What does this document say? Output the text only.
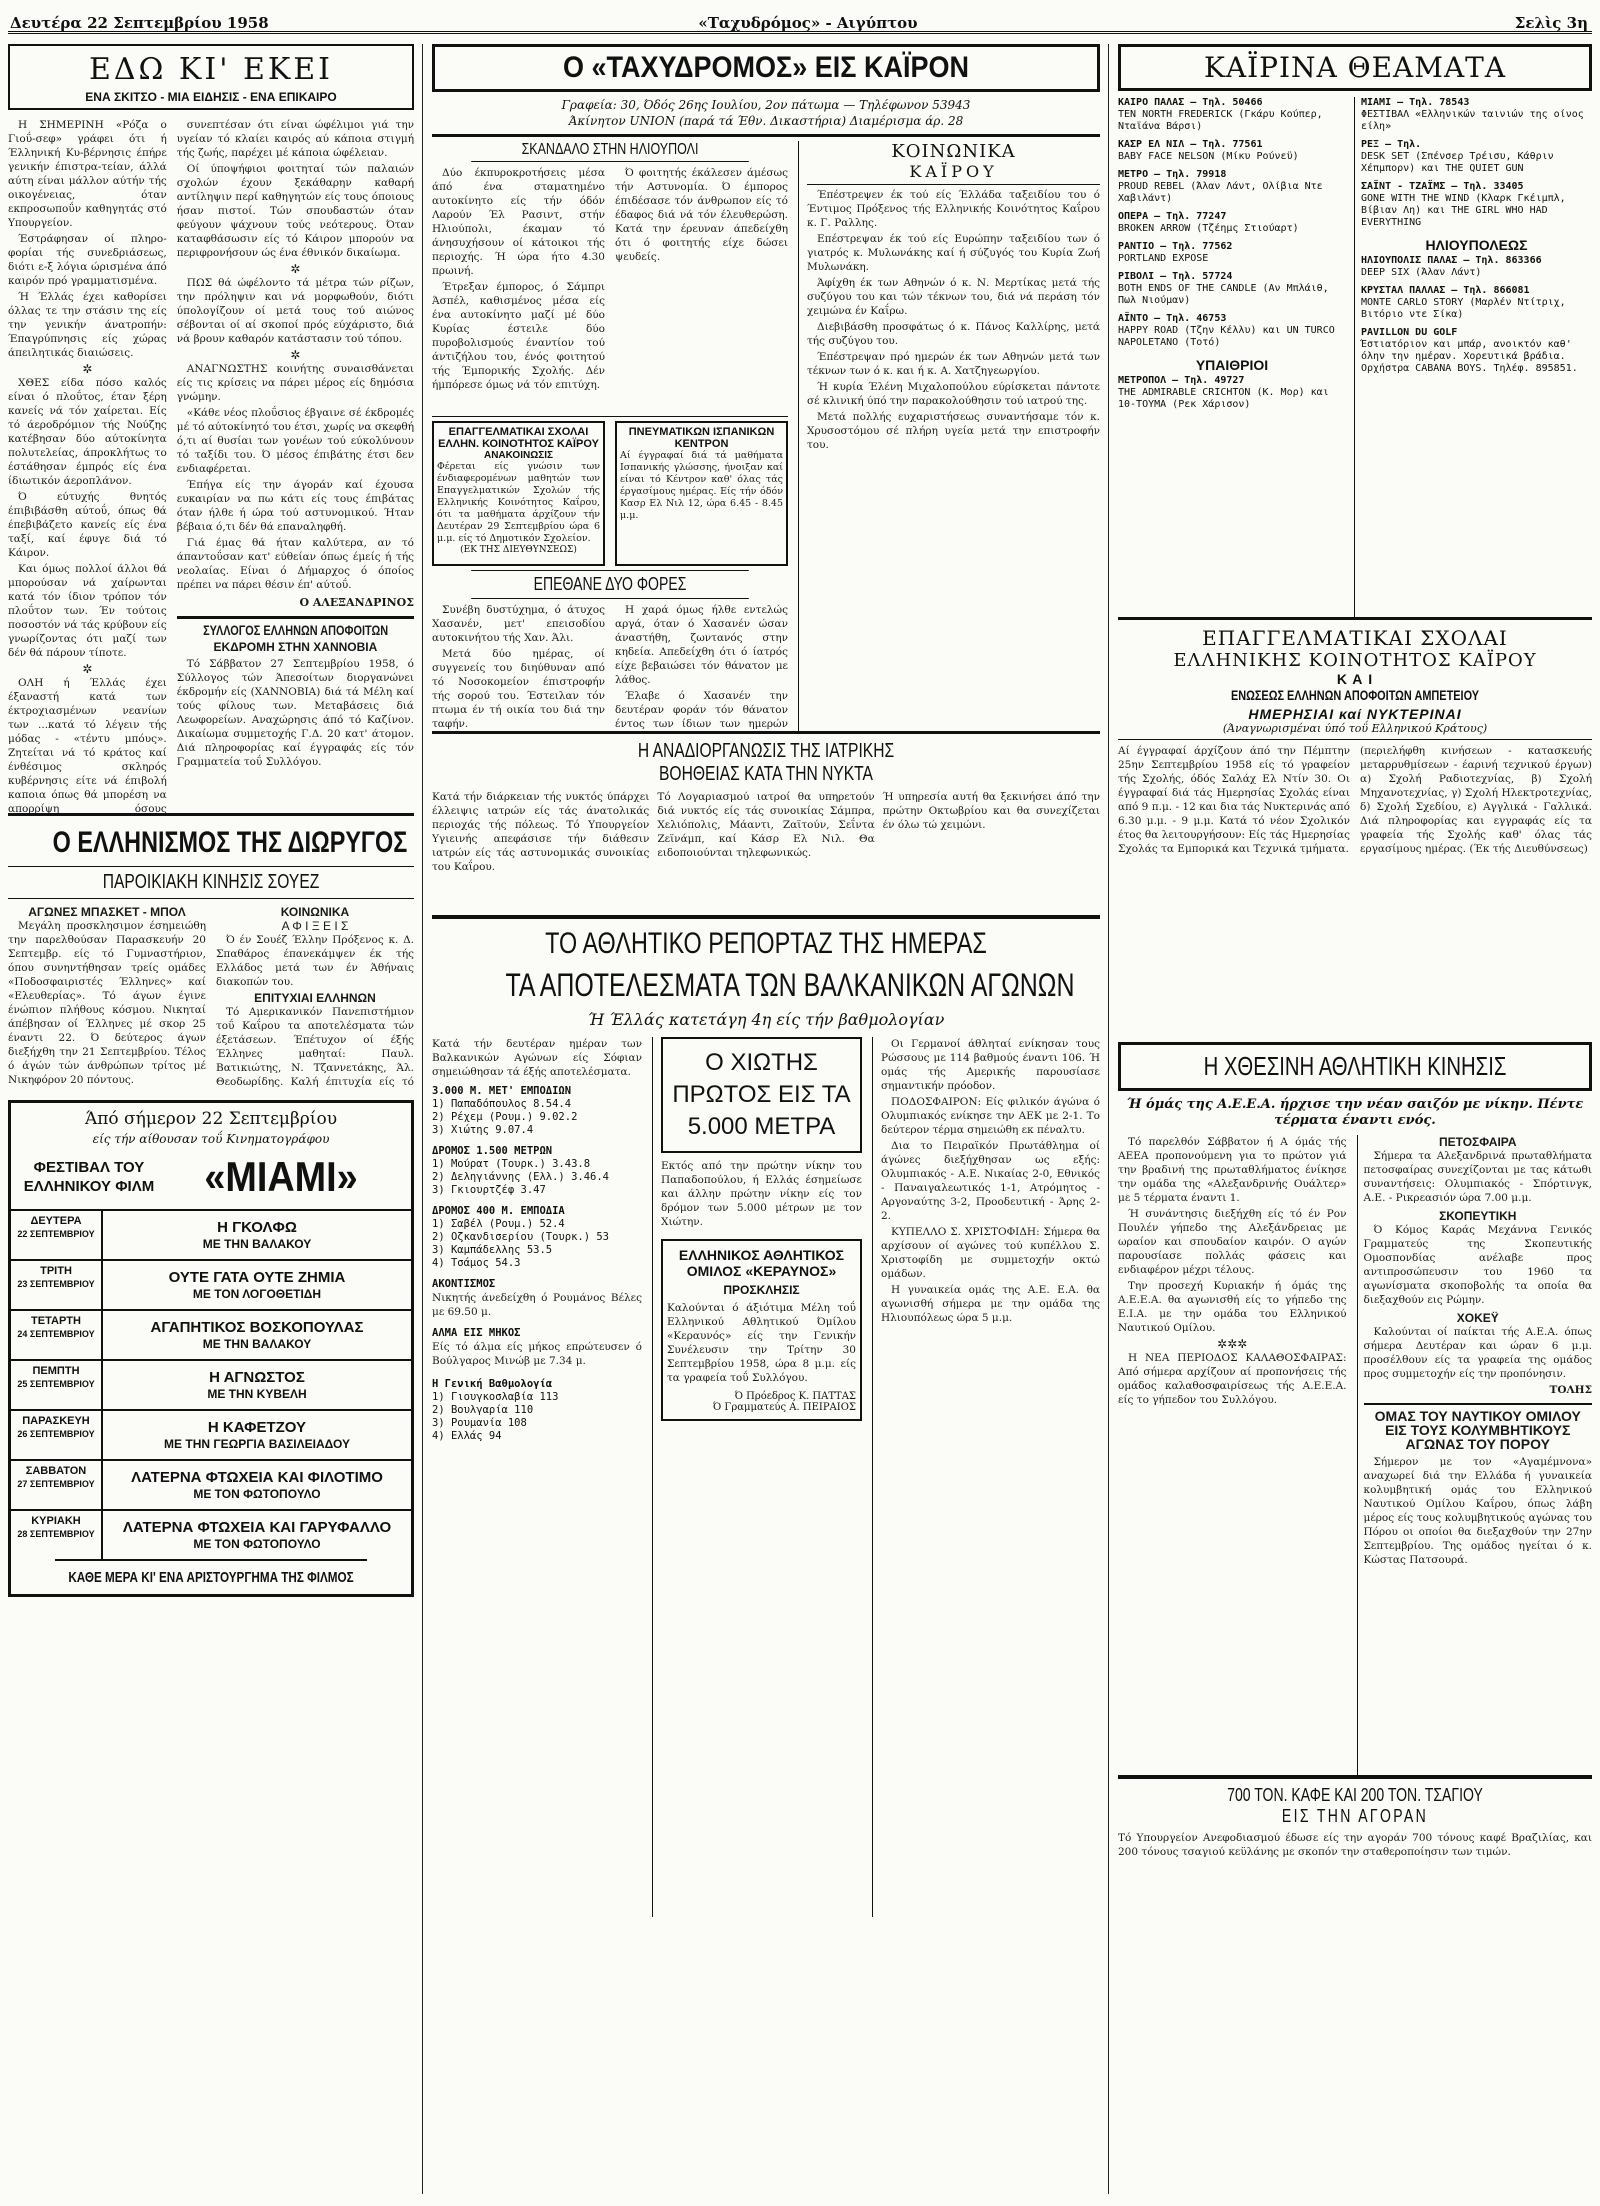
Δευτέρα 22 Σεπτεμβρίου 1958	«Ταχυδρόμος» - Αιγύπτου	Σελὶς 3η
ΕΔΩ ΚΙ' ΕΚΕΙ
ΕΝΑ ΣΚΙΤΣΟ - ΜΙΑ ΕΙΔΗΣΙΣ - ΕΝΑ ΕΠΙΚΑΙΡΟ

Η ΣΗΜΕΡΙΝΗ «Ρόζα ο Γιοΰ-σεφ» γράφει ότι ή Έλληνική Κυ-βέρνησις έπήρε γενικήν έπιστρα-τείαν, άλλά αύτη είναι μάλλον αύτήν τής οικογένειας, όταν εκπροσωποΰν καθηγητάς στό Υπουργείον.

Έστράφησαν οί πληρο-φορίαι τής συνεδριάσεως, διότι ε-ξ λόγια ώρισμένα άπό καιρόν πρό γραμματισμένα.

Ή Έλλάς έχει καθορίσει όλλας τε την στάσιν της είς την γενικήν άνατροπήν: Έπαγρύπνησις είς χώρας άπειλητικάς διαιώσεις.

✲

ΧΘΕΣ είδα πόσο καλός είναι ό πλοΰτος, έταν ξέρη κανείς νά τόν χαίρεται. Είς τό άεροδρόμιον τής Νούζης κατέβησαν δύο αύτοκίνητα πολυτελείας, άπροκλήτως το έστάθησαν έμπρός είς ένα ίδιωτικόν άεροπλάνον.

Ό εύτυχής θνητός έπιβιβάσθη αύτοΰ, όπως θά έπεβιβάζετο κανείς είς ένα ταξί, καί έφυγε διά τό Κάιρον.

Και όμως πολλοί άλλοι θά μπορούσαν νά χαίρωνται κατά τόν ίδιον τρόπον τόν πλοΰτον των. Έν τούτοις ποσοστόν νά τάς κρύβουν είς γνωρίζοντας ότι μαζί των δέν θά πάρουν τίποτε.

✲

ΟΛΗ ή Έλλάς έχει έξαναστή κατά των έκτροχιασμένων νεανίων των ...κατά τό λέγειν τής μόδας - «τέντυ μπόυς». Ζητείται νά τό κράτος καί ένθέσιμος σκληρός κυβέρνησις είτε νά έπιβολή καποια όπως θά μπορέση να απορρίψη όσους

συνεπτέσαν ότι είναι ώφέλιμοι γιά την υγείαν τό κλαίει καιρός αύ κάποια στιγμή τής ζωής, παρέχει μέ κάποια ώφέλειαν.

Οί ύποψήφιοι φοιτηταί τών παλαιών σχολών έχουν ξεκάθαρην καθαρή αντίληψιν περί καθηγητών είς τους όποιους ήσαν πιστοί. Τών σπουδαστών όταν φεύγουν ψάχνουν τούς νεότερους. Όταν καταφθάσωσιν είς τό Κάιρον μπορούν να περιφρονήσουν ώς ένα έθνικόν δικαίωμα.

✲

ΠΩΣ θά ώφέλοντο τά μέτρα τών ρίζων, την πρόληψιν και νά μορφωθούν, διότι ύπολογίζουν οί μετά τους τού αιώνος σέβονται οί αί σκοποί πρός εύχάριστο, διά νά βρουν καθαρόν κατάστασιν τού τόπου.

✲

ΑΝΑΓΝΩΣΤΗΣ κοινήτης συναισθάνεται είς τις κρίσεις να πάρει μέρος είς δημόσια γνώμην.

«Κάθε νέος πλοΰσιος έβγαινε σέ έκδρομές μέ τό αύτοκίνητό του έτσι, χωρίς να σκεφθή ό,τι αί θυσίαι των γονέων τού εύκολύνουν τό ταξίδι του. Ό μέσος έπιβάτης έτσι δεν ενδιαφέρεται.

Έπήγα είς την άγοράν καί έχουσα ευκαιρίαν να πω κάτι είς τους έπιβάτας όταν ήλθε ή ώρα τού αστυνομικού. Ήταν βέβαια ό,τι δέν θά επαναληφθή.

Γιά έμας θά ήταν καλύτερα, αν τό άπαντοΰσαν κατ' εύθείαν όπως έμείς ή τής νεολαίας. Είναι ό Δήμαρχος ό όποίος πρέπει να πάρει θέσιν έπ' αύτοΰ.

Ο ΑΛΕΞΑΝΔΡΙΝΟΣ
ΣΥΛΛΟΓΟΣ ΕΛΛΗΝΩΝ ΑΠΟΦΟΙΤΩΝ
ΕΚΔΡΟΜΗ ΣΤΗΝ ΧΑΝΝΟΒΙΑ

Τό Σάββατον 27 Σεπτεμβρίου 1958, ό Σύλλογος τών Άπεσοίτων διοργανώνει έκδρομήν είς (ΧΑΝΝΟΒΙΑ) διά τά Μέλη καί τούς φίλους των. Μεταβάσεις διά Λεωφορείων. Αναχώρησις άπό τό Καζίνον. Δικαίωμα συμμετοχής Γ.Δ. 20 κατ' άτομον. Διά πληροφορίας καί έγγραφάς είς τόν Γραμματεία τοΰ Συλλόγου.

Ο ΕΛΛΗΝΙΣΜΟΣ ΤΗΣ ΔΙΩΡΥΓΟΣ
ΠΑΡΟΙΚΙΑΚΗ ΚΙΝΗΣΙΣ ΣΟΥΕΖ
ΑΓΩΝΕΣ ΜΠΑΣΚΕΤ - ΜΠΟΛ

Μεγάλη προσκλησιμον έσημειώθη την παρελθούσαν Παρασκευήν 20 Σεπτεμβρ. είς τό Γυμναστήριον, όπου συνηντήθησαν τρείς ομάδες «Ποδοσφαιριστές Έλληνες» καί «Ελευθερίας». Τό άγων έγινε ένώπιον πλήθους κόσμου. Νικηταί άπέβησαν οί Έλληνες μέ σκορ 25 έναντι 22. Ό δεύτερος άγων διεξήχθη την 21 Σεπτεμβρίου. Τέλος ό άγών τών άνθρώπων τρίτος μέ Νικηφόρον 20 πόντους.

ΚΟΙΝΩΝΙΚΑ
Α Φ Ι Ξ Ε Ι Σ

Ό έν Σουέζ Έλλην Πρόξενος κ. Δ. Σπαθάρος έπανεκάμψεν έκ τής Ελλάδος μετά των έν Άθήναις διακοπών του.

ΕΠΙΤΥΧΙΑΙ ΕΛΛΗΝΩΝ

Τό Αμερικανικόν Πανεπιστήμιον τοΰ Καΐρου τα αποτελέσματα τών έξετάσεων. Έπέτυχον οί έξής Έλληνες μαθηταί: Παυλ. Βατικιώτης, Ν. Τζαννετάκης, Άλ. Θεοδωρίδης. Καλή έπιτυχία είς τό

Άπό σήμερον 22 Σεπτεμβρίου
είς τήν αίθουσαν τοΰ Κινηματογράφου
ΦΕΣΤΙΒΑΛ ΤΟΥ ΕΛΛΗΝΙΚΟΥ ΦΙΛΜ	«ΜΙΑΜΙ»
ΔΕΥΤΕΡΑ
22 ΣΕΠΤΕΜΒΡΙΟΥ	Η ΓΚΟΛΦΩ
ΜΕ ΤΗΝ ΒΑΛΑΚΟΥ
ΤΡΙΤΗ
23 ΣΕΠΤΕΜΒΡΙΟΥ	ΟΥΤΕ ΓΑΤΑ ΟΥΤΕ ΖΗΜΙΑ
ΜΕ ΤΟΝ ΛΟΓΟΘΕΤΙΔΗ
ΤΕΤΑΡΤΗ
24 ΣΕΠΤΕΜΒΡΙΟΥ	ΑΓΑΠΗΤΙΚΟΣ ΒΟΣΚΟΠΟΥΛΑΣ
ΜΕ ΤΗΝ ΒΑΛΑΚΟΥ
ΠΕΜΠΤΗ
25 ΣΕΠΤΕΜΒΡΙΟΥ	Η ΑΓΝΩΣΤΟΣ
ΜΕ ΤΗΝ ΚΥΒΕΛΗ
ΠΑΡΑΣΚΕΥΗ
26 ΣΕΠΤΕΜΒΡΙΟΥ	Η ΚΑΦΕΤΖΟΥ
ΜΕ ΤΗΝ ΓΕΩΡΓΙΑ ΒΑΣΙΛΕΙΑΔΟΥ
ΣΑΒΒΑΤΟΝ
27 ΣΕΠΤΕΜΒΡΙΟΥ	ΛΑΤΕΡΝΑ ΦΤΩΧΕΙΑ ΚΑΙ ΦΙΛΟΤΙΜΟ
ΜΕ ΤΟΝ ΦΩΤΟΠΟΥΛΟ
ΚΥΡΙΑΚΗ
28 ΣΕΠΤΕΜΒΡΙΟΥ	ΛΑΤΕΡΝΑ ΦΤΩΧΕΙΑ ΚΑΙ ΓΑΡΥΦΑΛΛΟ
ΜΕ ΤΟΝ ΦΩΤΟΠΟΥΛΟ
ΚΑΘΕ ΜΕΡΑ ΚΙ' ΕΝΑ ΑΡΙΣΤΟΥΡΓΗΜΑ ΤΗΣ ΦΙΛΜΟΣ
Ο «ΤΑΧΥΔΡΟΜΟΣ» ΕΙΣ ΚΑΪΡΟΝ
Γραφεία: 30, Όδός 26ης Ιουλίου, 2ον πάτωμα — Τηλέφωνον 53943
Άκίνητον UNION (παρά τά Έθν. Δικαστήρια) Διαμέρισμα άρ. 28
ΣΚΑΝΔΑΛΟ ΣΤΗΝ ΗΛΙΟΥΠΟΛΙ

Δύο έκπυροκροτήσεις μέσα άπό ένα σταματημένο αυτοκίνητο είς τήν όδόν Λαρούν Έλ Ρασιντ, στήν Ηλιούπολι, έκαμαν τό άνησυχήσουν οί κάτοικοι τής περιοχής. Ή ώρα ήτο 4.30 πρωινή.

Έτρεξαν έμπορος, ό Σάμπρι Άσπέλ, καθισμένος μέσα είς ένα αυτοκίνητο μαζί μέ δύο Κυρίας έστειλε δύο πυροβολισμούς έναντίον τού άντιζήλου του, ένός φοιτητού τής Έμπορικής Σχολής. Δέν ήμπόρεσε όμως νά τόν επιτύχη.

Ό φοιτητής έκάλεσεν άμέσως τήν Αστυνομία. Ό έμπορος έπιδέσασε τόν άνθρωπον είς τό έδαφος διά νά τόν έλευθερώση. Κατά την έρευναν άπεδείχθη ότι ό φοιτητής είχε δώσει ψευδείς.

ΕΠΑΓΓΕΛΜΑΤΙΚΑΙ ΣΧΟΛΑΙ ΕΛΛΗΝ. ΚΟΙΝΟΤΗΤΟΣ ΚΑΪΡΟΥ
ΑΝΑΚΟΙΝΩΣΙΣ

Φέρεται είς γνώσιν των ένδιαφερομένων μαθητών των Επαγγελματικών Σχολών τής Ελληνικής Κοινότητος Καΐρου, ότι τα μαθήματα άρχίζουν τήν Δευτέραν 29 Σεπτεμβρίου ώρα 6 μ.μ. είς τό Δημοτικόν Σχολείον.

(ΕΚ ΤΗΣ ΔΙΕΥΘΥΝΣΕΩΣ)
ΠΝΕΥΜΑΤΙΚΩΝ ΙΣΠΑΝΙΚΩΝ ΚΕΝΤΡΟΝ

Αί έγγραφαί διά τά μαθήματα Ισπανικής γλώσσης, ήνοιξαν καί είναι τό Κέντρον καθ' όλας τάς έργασίμους ημέρας. Είς τήν όδόν Κασρ Ελ Νιλ 12, ώρα 6.45 - 8.45 μ.μ.

ΕΠΕΘΑΝΕ ΔΥΟ ΦΟΡΕΣ

Συνέβη δυστύχημα, ό άτυχος Χασανέν, μετ' επεισοδίου αυτοκινήτου τής Χαν. Άλι.

Μετά δύο ημέρας, οί συγγενείς του διηύθυναν από τό Νοσοκομείον έπιστροφήν τής σορού του. Έστειλαν τόν πτωμα έν τή οικία του διά την ταφήν.

Η χαρά όμως ήλθε εντελώς αργά, όταν ό Χασανέν ώσαν άναστήθη, ζωντανός στην κηδεία. Απεδείχθη ότι ό ίατρός είχε βεβαιώσει τόν θάνατον με λάθος.

Έλαβε ό Χασανέν την δευτέραν φοράν τόν θάνατον έντος των ίδιων των ημερών

ΚΟΙΝΩΝΙΚΑ
ΚΑΪΡΟΥ

Έπέστρεψεν έκ τού είς Έλλάδα ταξειδίου του ό Έντιμος Πρόξενος τής Ελληνικής Κοινότητος Καΐρου κ. Γ. Ραλλης.

Επέστρεψαν έκ τού είς Ευρώπην ταξειδίου των ό γιατρός κ. Μυλωνάκης καί ή σύζυγός του Κυρία Ζωή Μυλωνάκη.

Άφίχθη έκ των Αθηνών ό κ. Ν. Μερτίκας μετά τής συζύγου του και τών τέκνων του, διά νά περάση τόν χειμώνα έν Καΐρω.

Διεβιβάσθη προσφάτως ό κ. Πάνος Καλλίρης, μετά τής συζύγου του.

Έπέστρεψαν πρό ημερών έκ των Αθηνών μετά των τέκνων των ό κ. και ή κ. Α. Χατζηγεωργίου.

Ή κυρία Έλένη Μιχαλοπούλου εύρίσκεται πάντοτε σέ κλινική ύπό την παρακολούθησιν τού ιατρού της.

Μετά πολλής ευχαριστήσεως συναντήσαμε τόν κ. Χρυσοστόμου σέ πλήρη υγεία μετά την επιστροφήν του.

Η ΑΝΑΔΙΟΡΓΑΝΩΣΙΣ ΤΗΣ ΙΑΤΡΙΚΗΣ
ΒΟΗΘΕΙΑΣ ΚΑΤΑ ΤΗΝ ΝΥΚΤΑ
Κατά τήν διάρκειαν τής νυκτός ύπάρχει έλλειψις ιατρών είς τάς άνατολικάς περιοχάς τής πόλεως. Τό Υπουργείον Υγιεινής απεφάσισε τήν διάθεσιν ιατρών είς τάς αστυνομικάς συνοικίας του Καΐρου.
Τό Λογαριασμού ιατροί θα υπηρετούν διά νυκτός είς τάς συνοικίας Σάμπρα, Χελιόπολις, Μάαντι, Ζαϊτούν, Σεΐντα Ζεϊνάμπ, καί Κάσρ Ελ Νιλ. Θα ειδοποιούνται τηλεφωνικώς.
Ή υπηρεσία αυτή θα ξεκινήσει άπό την πρώτην Οκτωβρίου και θα συνεχίζεται έν όλω τώ χειμώνι.
ΤΟ ΑΘΛΗΤΙΚΟ ΡΕΠΟΡΤΑΖ ΤΗΣ ΗΜΕΡΑΣ
ΤΑ ΑΠΟΤΕΛΕΣΜΑΤΑ ΤΩΝ ΒΑΛΚΑΝΙΚΩΝ ΑΓΩΝΩΝ
Ή Έλλάς κατετάγη 4η είς τήν βαθμολογίαν

Κατά τήν δευτέραν ημέραν των Βαλκανικών Αγώνων είς Σόφιαν σημειώθησαν τά έξής αποτελέσματα.

3.000 Μ. ΜΕΤ' ΕΜΠΟΔΙΩΝ
1) Παπαδόπουλος 8.54.4
2) Ρέχεμ (Ρουμ.) 9.02.2
3) Χιώτης 9.07.4
ΔΡΟΜΟΣ 1.500 ΜΕΤΡΩΝ
1) Μούρατ (Τουρκ.) 3.43.8
2) Δεληγιάννης (Ελλ.) 3.46.4
3) Γκιουρτζέφ 3.47
ΔΡΟΜΟΣ 400 Μ. ΕΜΠΟΔΙΑ
1) Σαβέλ (Ρουμ.) 52.4
2) Οζκανδισερίου (Τουρκ.) 53
3) Καμπάδελλης 53.5
4) Τσάμος 54.3
ΑΚΟΝΤΙΣΜΟΣ
Νικητής άνεδείχθη ό Ρουμάνος Βέλες με 69.50 μ.
ΑΛΜΑ ΕΙΣ ΜΗΚΟΣ
Είς τό άλμα είς μήκος επρώτευσεν ό Βούλγαρος Μινώβ με 7.34 μ.
Η Γενική Βαθμολογία
1) Γιουγκοσλαβία 113
2) Βουλγαρία 110
3) Ρουμανία 108
4) Ελλάς 94
Ο ΧΙΩΤΗΣ ΠΡΩΤΟΣ ΕΙΣ ΤΑ 5.000 ΜΕΤΡΑ

Εκτός από την πρώτην νίκην του Παπαδοπούλου, ή Ελλάς έσημείωσε και άλλην πρώτην νίκην είς τον δρόμον των 5.000 μέτρων με τον Χιώτην.

ΕΛΛΗΝΙΚΟΣ ΑΘΛΗΤΙΚΟΣ ΟΜΙΛΟΣ «ΚΕΡΑΥΝΟΣ»
ΠΡΟΣΚΛΗΣΙΣ

Καλούνται ό άξιότιμα Μέλη τοΰ Ελληνικού Αθλητικού Όμίλου «Κεραυνός» είς την Γενικήν Συνέλευσιν την Τρίτην 30 Σεπτεμβρίου 1958, ώρα 8 μ.μ. είς τα γραφεία τοΰ Συλλόγου.

Ό Πρόεδρος Κ. ΠΑΤΤΑΣ
Ό Γραμματεύς Α. ΠΕΙΡΑΙΟΣ

Οι Γερμανοί άθληταί ενίκησαν τους Ρώσσους με 114 βαθμούς έναντι 106. Ή ομάς τής Αμερικής παρουσίασε σημαντικήν πρόοδον.

ΠΟΔΟΣΦΑΙΡΟΝ: Είς φιλικόν άγώνα ό Ολυμπιακός ενίκησε την ΑΕΚ με 2-1. Το δεύτερον τέρμα σημειώθη εκ πέναλτυ.

Δια το Πειραϊκόν Πρωτάθλημα οί άγώνες διεξήχθησαν ως εξής: Ολυμπιακός - Α.Ε. Νικαίας 2-0, Εθνικός - Παναιγαλεωτικός 1-1, Ατρόμητος - Αργοναύτης 3-2, Προοδευτική - Άρης 2-2.

ΚΥΠΕΛΛΟ Σ. ΧΡΙΣΤΟΦΙΔΗ: Σήμερα θα αρχίσουν οί αγώνες τού κυπέλλου Σ. Χριστοφίδη με συμμετοχήν οκτώ ομάδων.

Η γυναικεία ομάς της Α.Ε. Ε.Α. θα αγωνισθή σήμερα με την ομάδα της Ηλιουπόλεως ώρα 5 μ.μ.

ΚΑΪΡΙΝΑ ΘΕΑΜΑΤΑ
ΚΑΪΡΟ ΠΑΛΑΣ — Τηλ. 50466
TEN NORTH FREDERICK (Γκάρυ Κούπερ, Νταϊάνα Βάρσι)
ΚΑΣΡ ΕΛ ΝΙΛ — Τηλ. 77561
BABY FACE NELSON (Μίκυ Ρούνεϋ)
ΜΕΤΡΟ — Τηλ. 79918
PROUD REBEL (Άλαν Λάντ, Ολίβια Ντε Χαβιλάντ)
ΟΠΕΡΑ — Τηλ. 77247
BROKEN ARROW (Τζέημς Στιούαρτ)
ΡΑΝΤΙΟ — Τηλ. 77562
PORTLAND EXPOSE
ΡΙΒΟΛΙ — Τηλ. 57724
BOTH ENDS OF THE CANDLE (Αν Μπλάιθ, Πωλ Νιούμαν)
ΑΪΝΤΟ — Τηλ. 46753
HAPPY ROAD (Τζην Κέλλυ) και UN TURCO NAPOLETANO (Τοτό)
ΥΠΑΙΘΡΙΟΙ
ΜΕΤΡΟΠΟΛ — Τηλ. 49727
THE ADMIRABLE CRICHTON (Κ. Μορ) και 10-ΤΟΥΜΑ (Ρεκ Χάρισον)
ΜΙΑΜΙ — Τηλ. 78543
ΦΕΣΤΙΒΑΛ «Ελληνικών ταινιών της οίνος είλη»
ΡΕΞ — Τηλ.
DESK SET (Σπένσερ Τρέισυ, Κάθριν Χέπμπορν) και THE QUIET GUN
ΣΑΪΝΤ - ΤΖΑΪΜΣ — Τηλ. 33405
GONE WITH THE WIND (Κλαρκ Γκέιμπλ, Βίβιαν Λη) και THE GIRL WHO HAD EVERYTHING
ΗΛΙΟΥΠΟΛΕΩΣ
ΗΛΙΟΥΠΟΛΙΣ ΠΑΛΑΣ — Τηλ. 863366
DEEP SIX (Άλαν Λάντ)
ΚΡΥΣΤΑΛ ΠΑΛΛΑΣ — Τηλ. 866081
MONTE CARLO STORY (Μαρλέν Ντίτριχ, Βιτόριο ντε Σίκα)
PAVILLON DU GOLF
Έστιατόριον και μπάρ, ανοικτόν καθ' όλην την ημέραν. Χορευτικά βράδια. Ορχήστρα CABANA BOYS. Τηλέφ. 895851.
ΕΠΑΓΓΕΛΜΑΤΙΚΑΙ ΣΧΟΛΑΙ
ΕΛΛΗΝΙΚΗΣ ΚΟΙΝΟΤΗΤΟΣ ΚΑΪΡΟΥ
Κ Α Ι
ΕΝΩΣΕΩΣ ΕΛΛΗΝΩΝ ΑΠΟΦΟΙΤΩΝ ΑΜΠΕΤΕΙΟΥ
ΗΜΕΡΗΣΙΑΙ καί ΝΥΚΤΕΡΙΝΑΙ
(Άναγνωρισμέναι ύπό τοΰ Ελληνικού Κράτους)
Αί έγγραφαί άρχίζουν άπό την Πέμπτην 25ην Σεπτεμβρίου 1958 είς τό γραφείον τής Σχολής, όδός Σαλάχ Ελ Ντίν 30. Οι έγγραφαί διά τάς Ημερησίας Σχολάς είναι από 9 π.μ. - 12 και δια τάς Νυκτερινάς από 6.30 μ.μ. - 9 μ.μ. Κατά τό νέον Σχολικόν έτος θα λειτουργήσουν: Είς τάς Ημερησίας Σχολάς τα Εμπορικά και Τεχνικά τμήματα.
(περιελήφθη κινήσεων - κατασκευής μεταρρυθμίσεων - έαρινή τεχνικού έργων) α) Σχολή Ραδιοτεχνίας, β) Σχολή Μηχανοτεχνίας, γ) Σχολή Ηλεκτροτεχνίας, δ) Σχολή Σχεδίου, ε) Αγγλικά - Γαλλικά. Διά πληροφορίας και εγγραφάς είς τα γραφεία τής Σχολής καθ' όλας τάς εργασίμους ημέρας. (Έκ τής Διευθύνσεως)
Η ΧΘΕΣΙΝΗ ΑΘΛΗΤΙΚΗ ΚΙΝΗΣΙΣ
Ή όμάς της Α.Ε.Ε.Α. ήρχισε την νέαν σαιζόν με νίκην. Πέντε τέρματα έναντι ενός.

Τό παρελθόν Σάββατον ή Α όμάς τής ΑΕΕΑ προπονούμενη για το πρώτον γιά την βραδινή της πρωταθλήματος ένίκησε την ομάδα της «Αλεξανδρινής Ουάλτερ» με 5 τέρματα έναντι 1.

Ή συνάντησις διεξήχθη είς τό έν Ρον Πουλέν γήπεδο της Αλεξάνδρειας με ωραίον και σπουδαίον καιρόν. Ο αγών παρουσίασε πολλάς φάσεις και ενδιαφέρον μέχρι τέλους.

Την προσεχή Κυριακήν ή όμάς της Α.Ε.Ε.Α. θα αγωνισθή είς το γήπεδο της Ε.Ι.Α. με την ομάδα του Ελληνικού Ναυτικού Ομίλου.

✲✲✲

Η ΝΕΑ ΠΕΡΙΟΔΟΣ ΚΑΛΑΘΟΣΦΑΙΡΑΣ: Από σήμερα αρχίζουν αί προπονήσεις τής ομάδος καλαθοσφαιρίσεως τής Α.Ε.Ε.Α. είς το γήπεδον του Συλλόγου.

ΠΕΤΟΣΦΑΙΡΑ

Σήμερα τα Αλεξανδρινά πρωταθλήματα πετοσφαίρας συνεχίζονται με τας κάτωθι συναντήσεις: Ολυμπιακός - Σπόρτινγκ, Α.Ε. - Ρικρεασιόν ώρα 7.00 μ.μ.

ΣΚΟΠΕΥΤΙΚΗ

Ό Κόμος Καράς Μεχάννα Γενικός Γραμματεύς της Σκοπευτικής Ομοσπονδίας ανέλαβε προς αντιπροσώπευσιν του 1960 τα αγωνίσματα σκοποβολής τα οποία θα διεξαχθούν εις Ρώμην.

ΧΟΚΕΫ

Καλούνται οί παίκται τής Α.Ε.Α. όπως σήμερα Δευτέραν και ώραν 6 μ.μ. προσέλθουν είς τα γραφεία της ομάδος προς συμμετοχήν είς την προπόνησιν.

ΤΟΛΗΣ
ΟΜΑΣ ΤΟΥ ΝΑΥΤΙΚΟΥ ΟΜΙΛΟΥ ΕΙΣ ΤΟΥΣ ΚΟΛΥΜΒΗΤΙΚΟΥΣ ΑΓΩΝΑΣ ΤΟΥ ΠΟΡΟΥ

Σήμερον με τον «Αγαμέμνονα» αναχωρεί διά την Ελλάδα ή γυναικεία κολυμβητική ομάς του Ελληνικού Ναυτικού Ομίλου Καΐρου, όπως λάβη μέρος είς τους κολυμβητικούς αγώνας του Πόρου οι οποίοι θα διεξαχθούν την 27ην Σεπτεμβρίου. Της ομάδος ηγείται ό κ. Κώστας Πατσουρά.

700 ΤΟΝ. ΚΑΦΕ ΚΑΙ 200 ΤΟΝ. ΤΣΑΓΙΟΥ
ΕΙΣ ΤΗΝ ΑΓΟΡΑΝ

Τό Υπουργείον Ανεφοδιασμού έδωσε είς την αγοράν 700 τόνους καφέ Βραζιλίας, και 200 τόνους τσαγιού κεϋλάνης με σκοπόν την σταθεροποίησιν των τιμών.
